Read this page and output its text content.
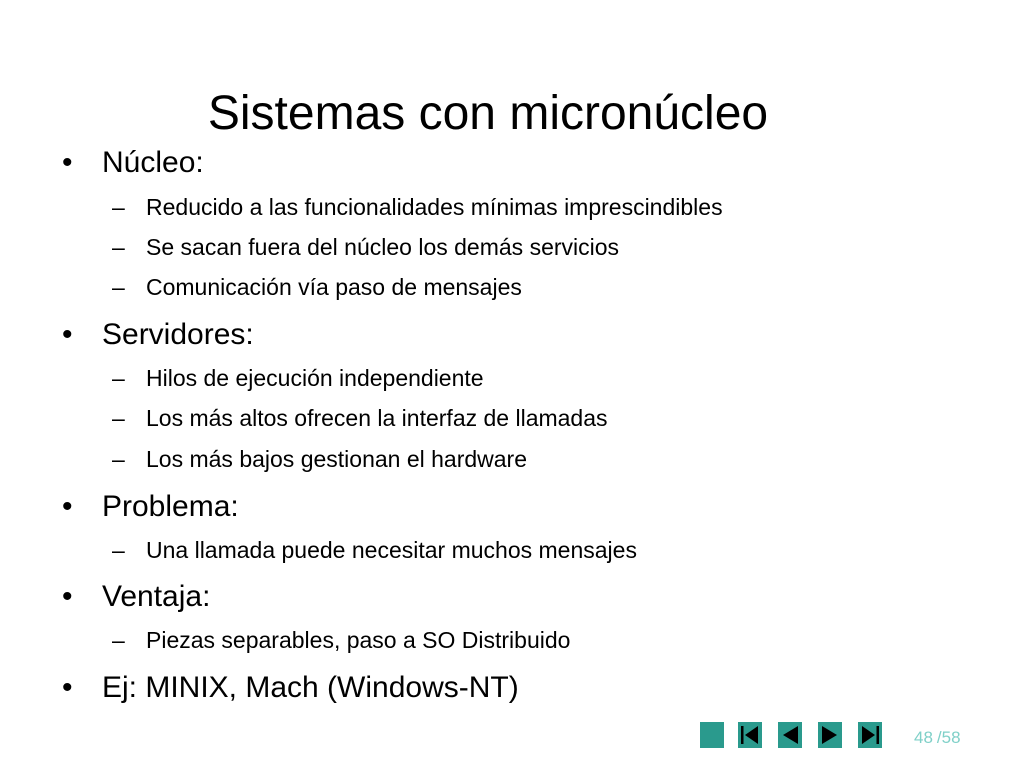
Sistemas con micronúcleo
• Núcleo:
– Reducido a las funcionalidades mínimas imprescindibles
– Se sacan fuera del núcleo los demás servicios
– Comunicación vía paso de mensajes
• Servidores:
– Hilos de ejecución independiente
– Los más altos ofrecen la interfaz de llamadas
– Los más bajos gestionan el hardware
• Problema:
– Una llamada puede necesitar muchos mensajes
• Ventaja:
– Piezas separables, paso a SO Distribuido
• Ej: MINIX, Mach (Windows-NT)
48 /58
